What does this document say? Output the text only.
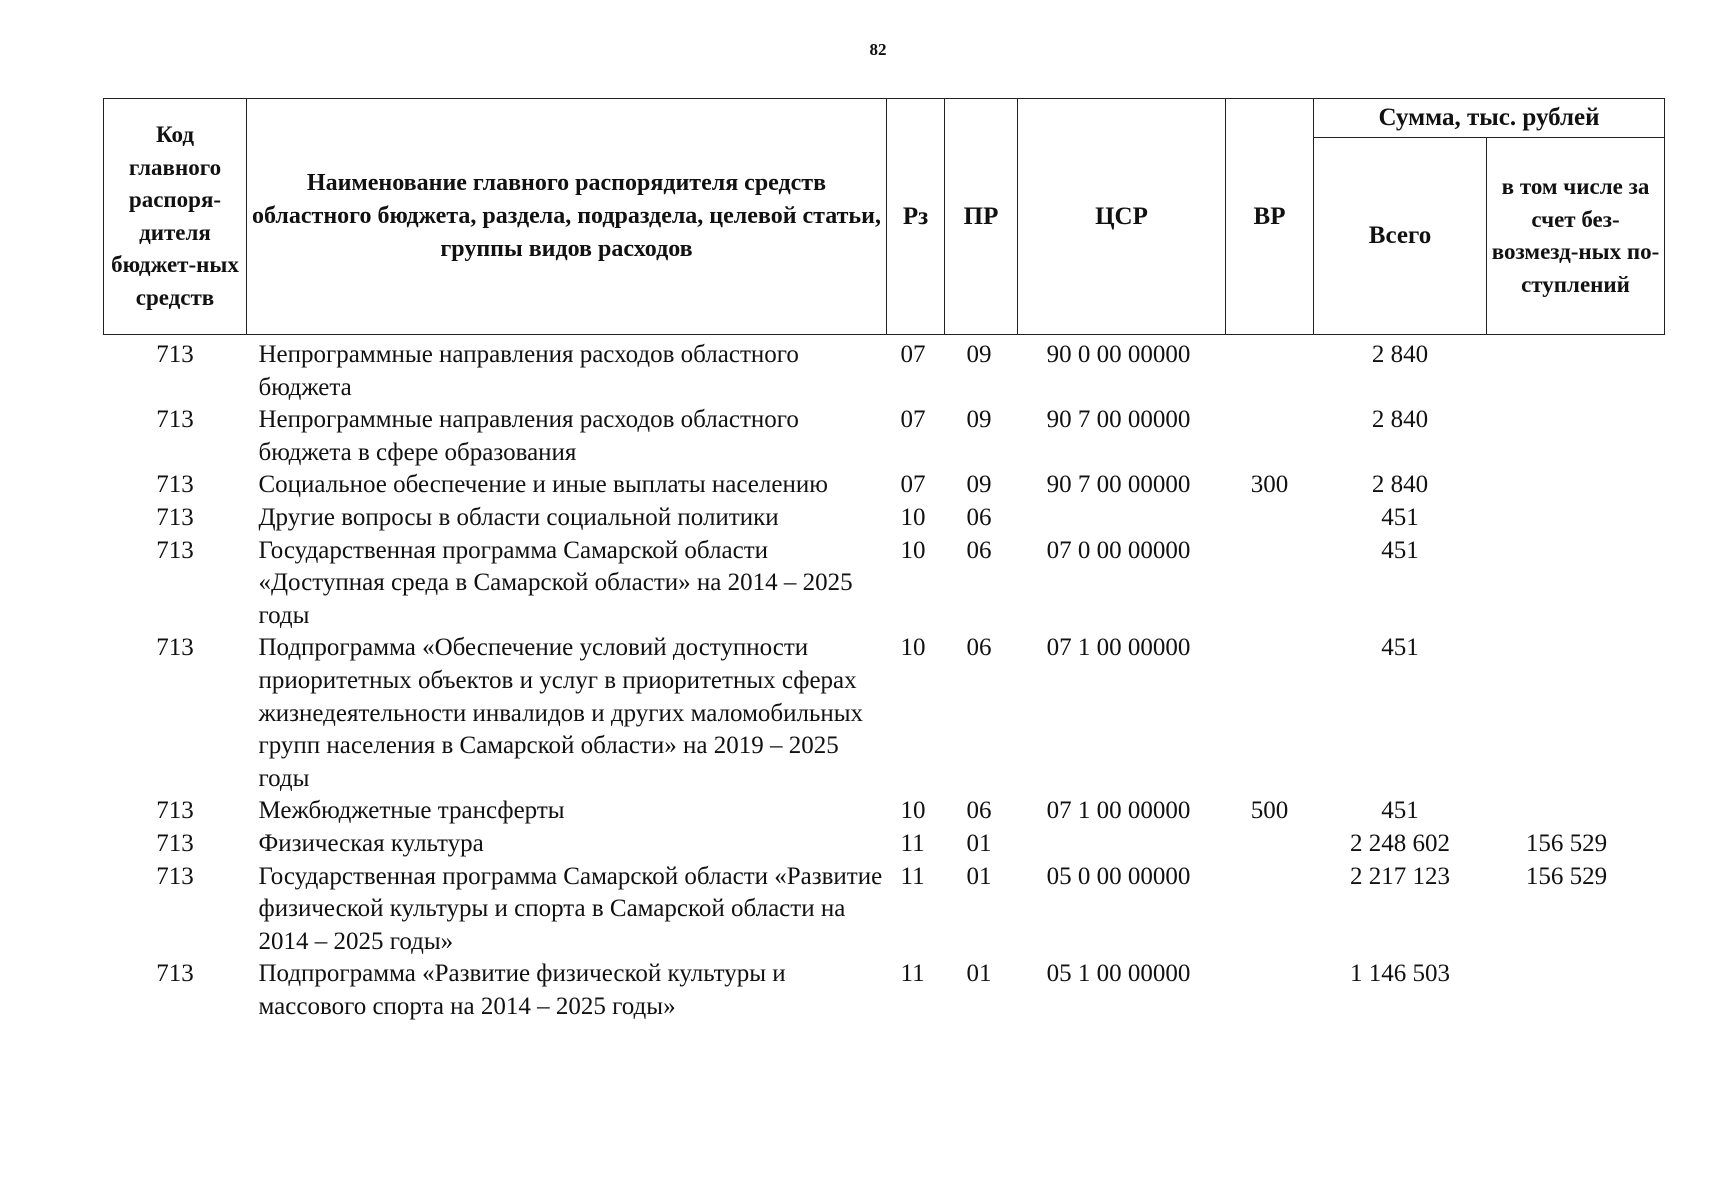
82
Код главного распоря-дителя бюджет-ных средств	Наименование главного распорядителя средств областного бюджета, раздела, подраздела, целевой статьи, группы видов расходов	Рз	ПР	ЦСР	ВР	Сумма, тыс. рублей	
						Всего	в том числе за счет без-возмезд-ных по-ступлений
713	Непрограммные направления расходов областного бюджета	07	09	90 0 00 00000		2 840	
713	Непрограммные направления расходов областного бюджета в сфере образования	07	09	90 7 00 00000		2 840	
713	Социальное обеспечение и иные выплаты населению	07	09	90 7 00 00000	300	2 840	
713	Другие вопросы в области социальной политики	10	06			451	
713	Государственная программа Самарской области «Доступная среда в Самарской области» на 2014 – 2025 годы	10	06	07 0 00 00000		451	
713	Подпрограмма «Обеспечение условий доступности приоритетных объектов и услуг в приоритетных сферах жизнедеятельности инвалидов и других маломобильных групп населения в Самарской области» на 2019 – 2025 годы	10	06	07 1 00 00000		451	
713	Межбюджетные трансферты	10	06	07 1 00 00000	500	451	
713	Физическая культура	11	01			2 248 602	156 529
713	Государственная программа Самарской области «Развитие физической культуры и спорта в Самарской области на 2014 – 2025 годы»	11	01	05 0 00 00000		2 217 123	156 529
713	Подпрограмма «Развитие физической культуры и массового спорта на 2014 – 2025 годы»	11	01	05 1 00 00000		1 146 503	
